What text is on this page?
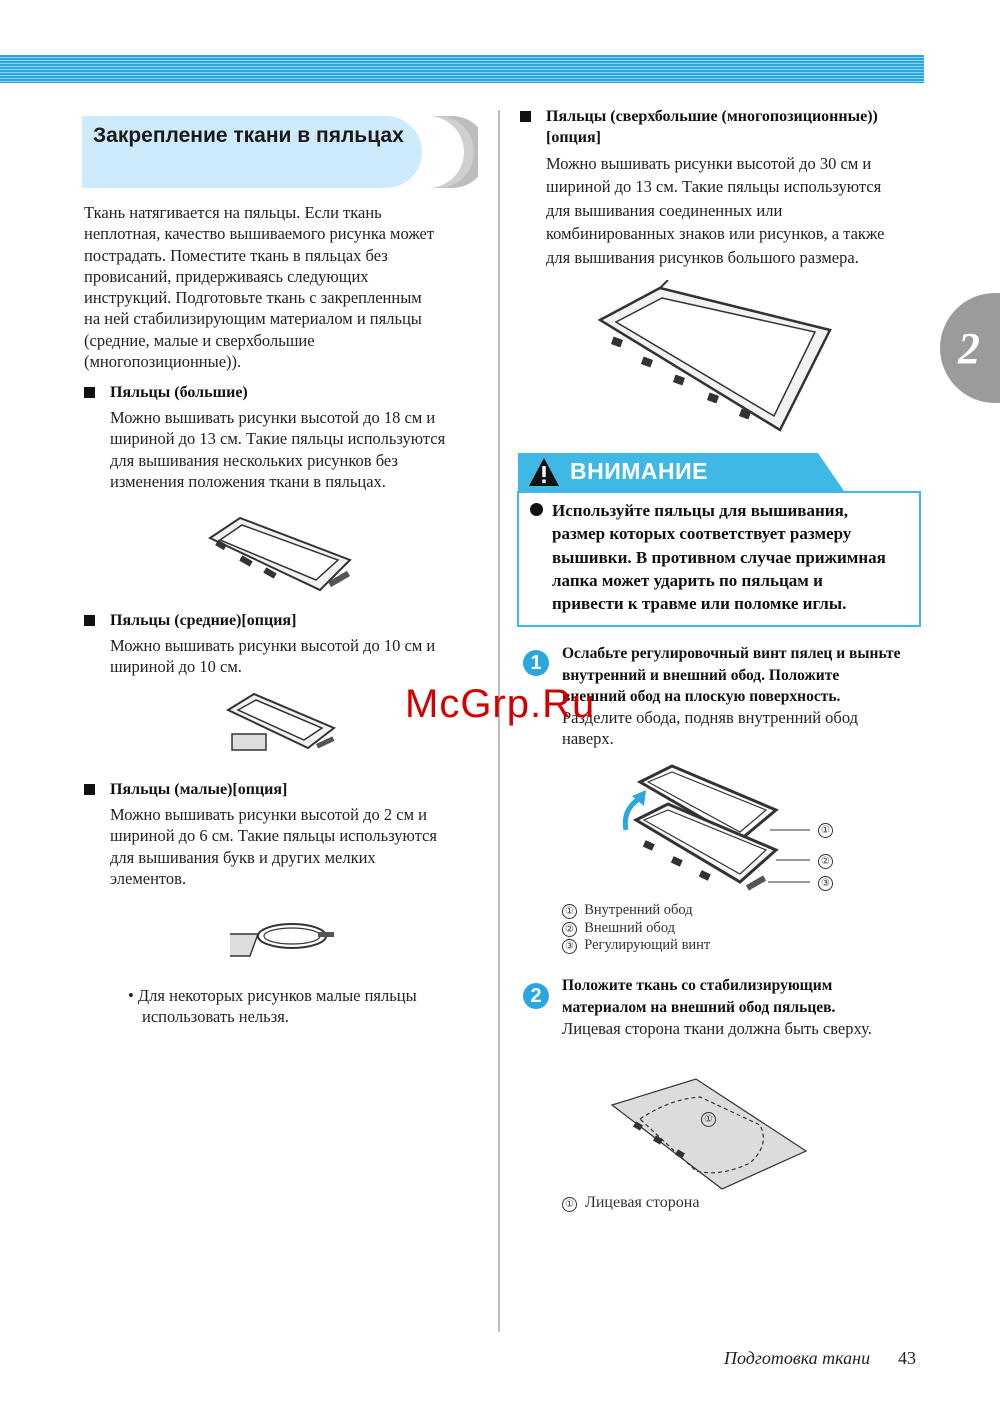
Закрепление ткани в пяльцах
Ткань натягивается на пяльцы. Если ткань
неплотная, качество вышиваемого рисунка может
пострадать. Поместите ткань в пяльцах без
провисаний, придерживаясь следующих
инструкций. Подготовьте ткань с закрепленным
на ней стабилизирующим материалом и пяльцы
(средние, малые и сверхбольшие
(многопозиционные)).
Пяльцы (большие)
Можно вышивать рисунки высотой до 18 см и
шириной до 13 см. Такие пяльцы используются
для вышивания нескольких рисунков без
изменения положения ткани в пяльцах.
Пяльцы (средние)[опция]
Можно вышивать рисунки высотой до 10 см и
шириной до 10 см.
Пяльцы (малые)[опция]
Можно вышивать рисунки высотой до 2 см и
шириной до 6 см. Такие пяльцы используются
для вышивания букв и других мелких
элементов.
• Для некоторых рисунков малые пяльцы
использовать нельзя.
Пяльцы (сверхбольшие (многопозиционные))
[опция]
Можно вышивать рисунки высотой до 30 см и
шириной до 13 см. Такие пяльцы используются
для вышивания соединенных или
комбинированных знаков или рисунков, а также
для вышивания рисунков большого размера.
2
ВНИМАНИЕ
Используйте пяльцы для вышивания,
размер которых соответствует размеру
вышивки. В противном случае прижимная
лапка может ударить по пяльцам и
привести к травме или поломке иглы.
1	Ослабьте регулировочный винт пялец и выньте
внутренний и внешний обод. Положите
внешний обод на плоскую поверхность.
Разделите обода, подняв внутренний обод
наверх.
①
②
③
① Внутренний обод
② Внешний обод
③ Регулирующий винт
2	Положите ткань со стабилизирующим
материалом на внешний обод пяльцев.
Лицевая сторона ткани должна быть сверху.
①
① Лицевая сторона
McGrp.Ru
Подготовка ткани 43
